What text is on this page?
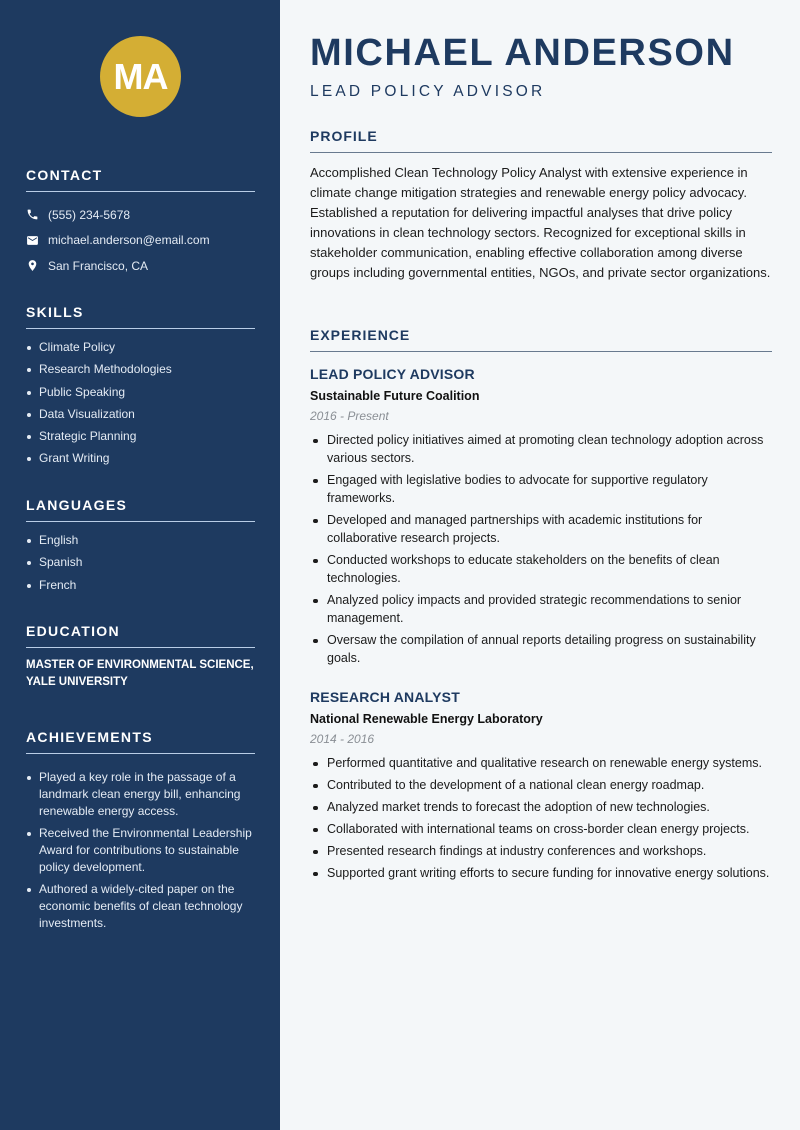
MA
CONTACT
(555) 234-5678
michael.anderson@email.com
San Francisco, CA
SKILLS
Climate Policy
Research Methodologies
Public Speaking
Data Visualization
Strategic Planning
Grant Writing
LANGUAGES
English
Spanish
French
EDUCATION

MASTER OF ENVIRONMENTAL SCIENCE, YALE UNIVERSITY

ACHIEVEMENTS
Played a key role in the passage of a landmark clean energy bill, enhancing renewable energy access.
Received the Environmental Leadership Award for contributions to sustainable policy development.
Authored a widely-cited paper on the economic benefits of clean technology investments.
MICHAEL ANDERSON
LEAD POLICY ADVISOR
PROFILE

Accomplished Clean Technology Policy Analyst with extensive experience in climate change mitigation strategies and renewable energy policy advocacy. Established a reputation for delivering impactful analyses that drive policy innovations in clean technology sectors. Recognized for exceptional skills in stakeholder communication, enabling effective collaboration among diverse groups including governmental entities, NGOs, and private sector organizations.

EXPERIENCE
LEAD POLICY ADVISOR
Sustainable Future Coalition
2016 - Present
Directed policy initiatives aimed at promoting clean technology adoption across various sectors.
Engaged with legislative bodies to advocate for supportive regulatory frameworks.
Developed and managed partnerships with academic institutions for collaborative research projects.
Conducted workshops to educate stakeholders on the benefits of clean technologies.
Analyzed policy impacts and provided strategic recommendations to senior management.
Oversaw the compilation of annual reports detailing progress on sustainability goals.
RESEARCH ANALYST
National Renewable Energy Laboratory
2014 - 2016
Performed quantitative and qualitative research on renewable energy systems.
Contributed to the development of a national clean energy roadmap.
Analyzed market trends to forecast the adoption of new technologies.
Collaborated with international teams on cross-border clean energy projects.
Presented research findings at industry conferences and workshops.
Supported grant writing efforts to secure funding for innovative energy solutions.
